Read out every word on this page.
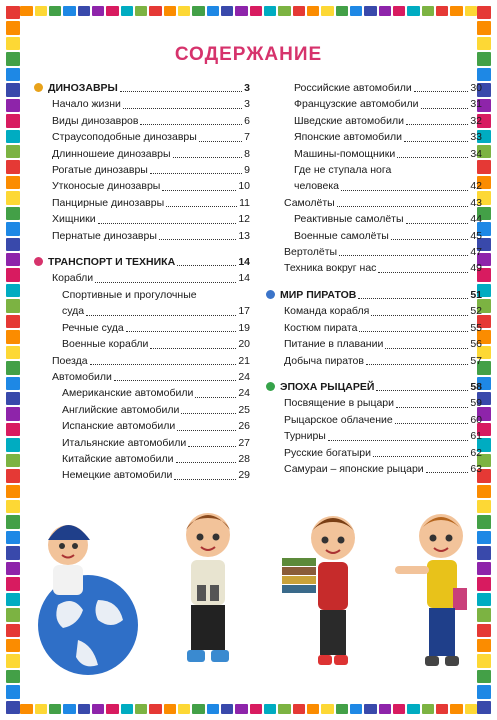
СОДЕРЖАНИЕ
ДИНОЗАВРЫ	3
Начало жизни	3
Виды динозавров	6
Страусоподобные динозавры	7
Длинношеие динозавры	8
Рогатые динозавры	9
Утконосые динозавры	10
Панцирные динозавры	11
Хищники	12
Пернатые динозавры	13
ТРАНСПОРТ И ТЕХНИКА	14
Корабли	14
Спортивные и прогулочные
суда	17
Речные суда	19
Военные корабли	20
Поезда	21
Автомобили	24
Американские автомобили	24
Английские автомобили	25
Испанские автомобили	26
Итальянские автомобили	27
Китайские автомобили	28
Немецкие автомобили	29
Российские автомобили	30
Французские автомобили	31
Шведские автомобили	32
Японские автомобили	33
Машины-помощники	34
Где не ступала нога
человека	42
Самолёты	43
Реактивные самолёты	44
Военные самолёты	45
Вертолёты	47
Техника вокруг нас	49
МИР ПИРАТОВ	51
Команда корабля	52
Костюм пирата	55
Питание в плавании	56
Добыча пиратов	57
ЭПОХА РЫЦАРЕЙ	58
Посвящение в рыцари	59
Рыцарское облачение	60
Турниры	61
Русские богатыри	62
Самураи – японские рыцари	63
